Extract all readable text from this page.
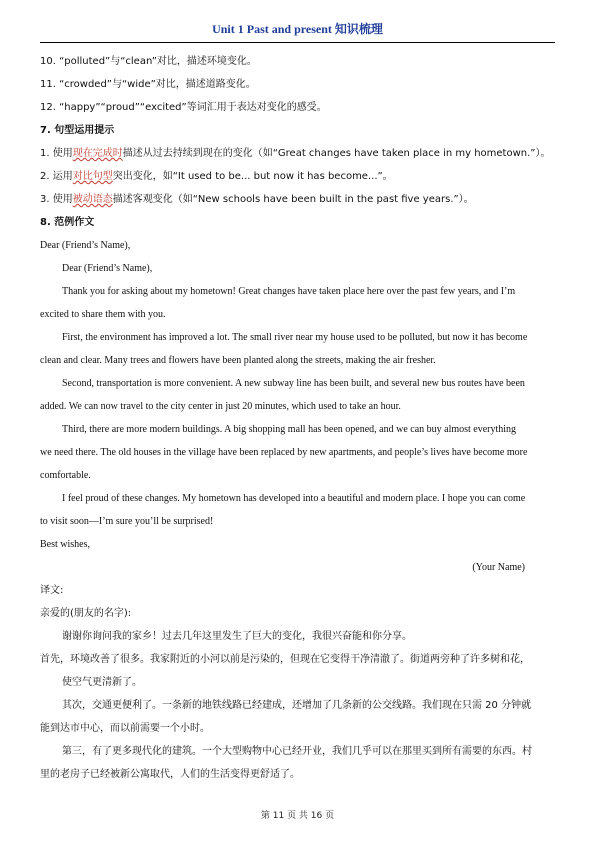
Unit 1 Past and present 知识梳理
10. “polluted”与“clean”对比，描述环境变化。
11. “crowded”与“wide”对比，描述道路变化。
12. “happy”“proud”“excited”等词汇用于表达对变化的感受。
7. 句型运用提示
1. 使用现在完成时描述从过去持续到现在的变化（如“Great changes have taken place in my hometown.”）。
2. 运用对比句型突出变化，如“It used to be... but now it has become...”。
3. 使用被动语态描述客观变化（如“New schools have been built in the past five years.”）。
8. 范例作文
Dear (Friend’s Name),
Dear (Friend’s Name),
Thank you for asking about my hometown! Great changes have taken place here over the past few years, and I’m
excited to share them with you.
First, the environment has improved a lot. The small river near my house used to be polluted, but now it has become
clean and clear. Many trees and flowers have been planted along the streets, making the air fresher.
Second, transportation is more convenient. A new subway line has been built, and several new bus routes have been
added. We can now travel to the city center in just 20 minutes, which used to take an hour.
Third, there are more modern buildings. A big shopping mall has been opened, and we can buy almost everything
we need there. The old houses in the village have been replaced by new apartments, and people’s lives have become more
comfortable.
I feel proud of these changes. My hometown has developed into a beautiful and modern place. I hope you can come
to visit soon—I’m sure you’ll be surprised!
Best wishes,
(Your Name)
译文:
亲爱的(朋友的名字):
谢谢你询问我的家乡！过去几年这里发生了巨大的变化，我很兴奋能和你分享。
首先，环境改善了很多。我家附近的小河以前是污染的，但现在它变得干净清澈了。街道两旁种了许多树和花，
使空气更清新了。
其次，交通更便利了。一条新的地铁线路已经建成，还增加了几条新的公交线路。我们现在只需 20 分钟就
能到达市中心，而以前需要一个小时。
第三，有了更多现代化的建筑。一个大型购物中心已经开业，我们几乎可以在那里买到所有需要的东西。村
里的老房子已经被新公寓取代，人们的生活变得更舒适了。
第 11 页 共 16 页
